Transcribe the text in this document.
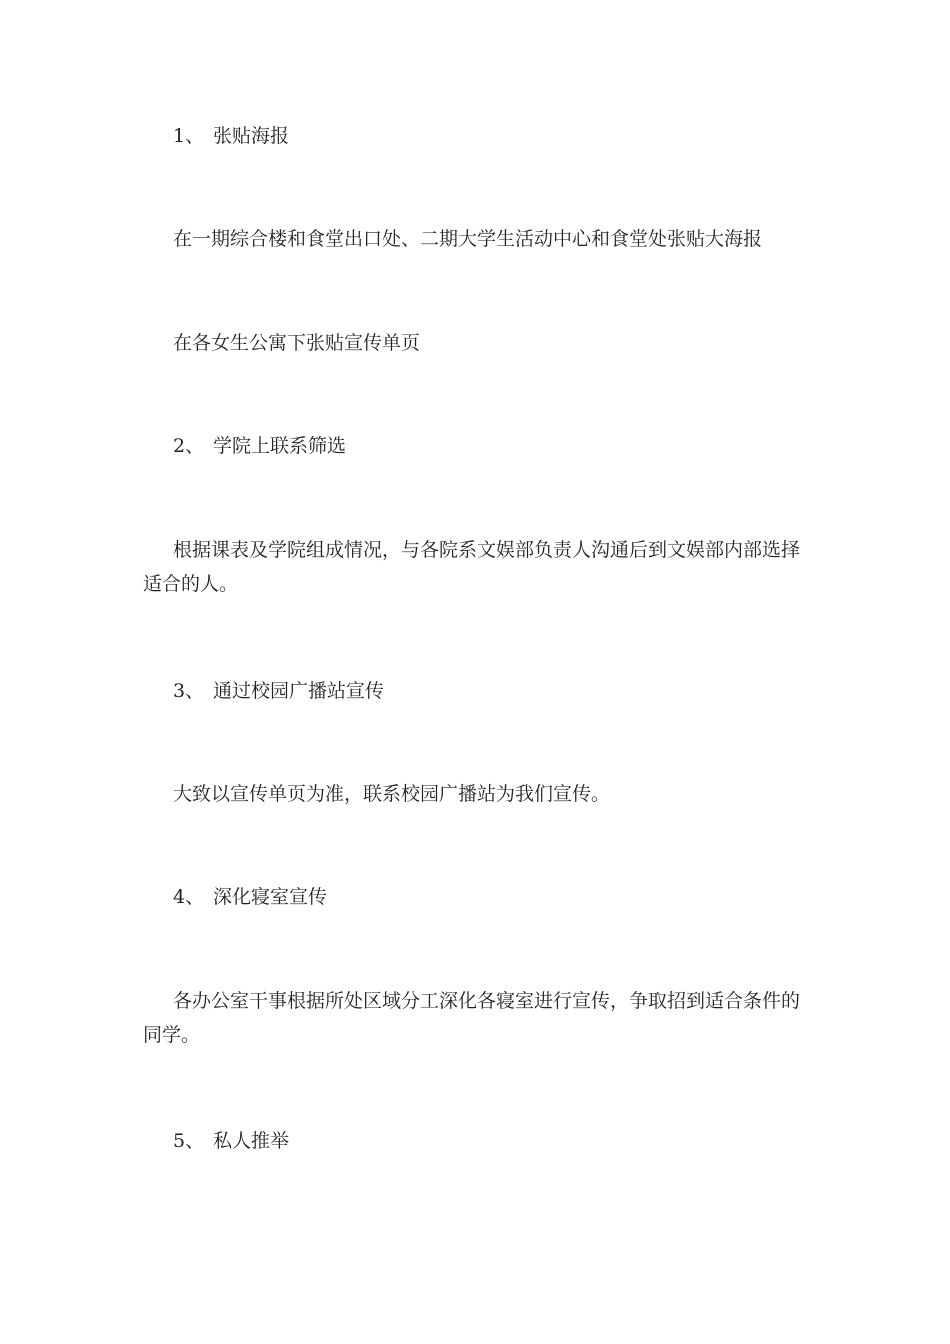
1、 张贴海报
在一期综合楼和食堂出口处、二期大学生活动中心和食堂处张贴大海报
在各女生公寓下张贴宣传单页
2、 学院上联系筛选
根据课表及学院组成情况，与各院系文娱部负责人沟通后到文娱部内部选择适合的人。
3、 通过校园广播站宣传
大致以宣传单页为准，联系校园广播站为我们宣传。
4、 深化寝室宣传
各办公室干事根据所处区域分工深化各寝室进行宣传，争取招到适合条件的同学。
5、 私人推举
